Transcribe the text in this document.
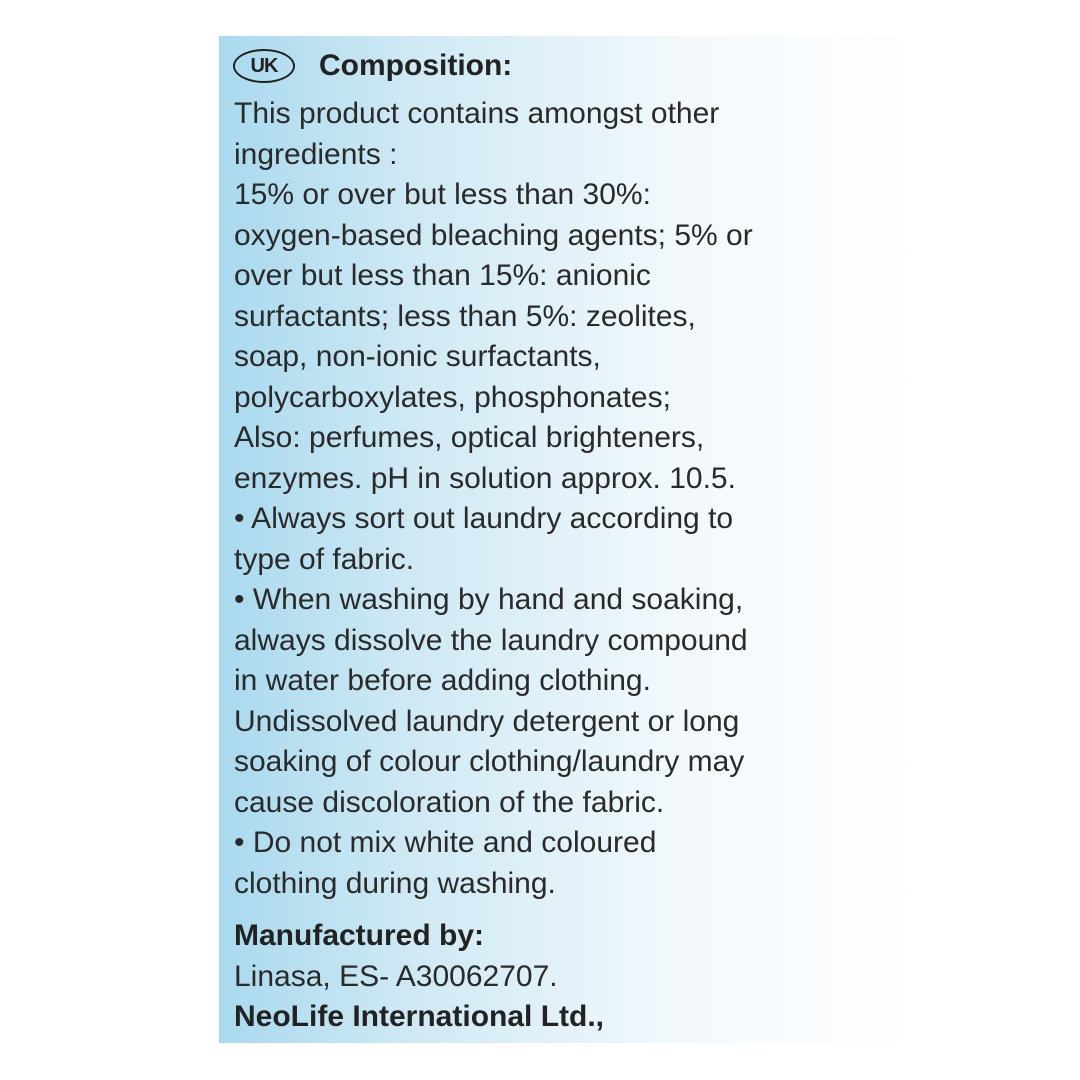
UK	Composition:

This product contains amongst other

ingredients :

15% or over but less than 30%:

oxygen-based bleaching agents; 5% or

over but less than 15%: anionic

surfactants; less than 5%: zeolites,

soap, non-ionic surfactants,

polycarboxylates, phosphonates;

Also: perfumes, optical brighteners,

enzymes. pH in solution approx. 10.5.

• Always sort out laundry according to

type of fabric.

• When washing by hand and soaking,

always dissolve the laundry compound

in water before adding clothing.

Undissolved laundry detergent or long

soaking of colour clothing/laundry may

cause discoloration of the fabric.

• Do not mix white and coloured

clothing during washing.

Manufactured by:
Linasa, ES- A30062707.
NeoLife International Ltd.,
